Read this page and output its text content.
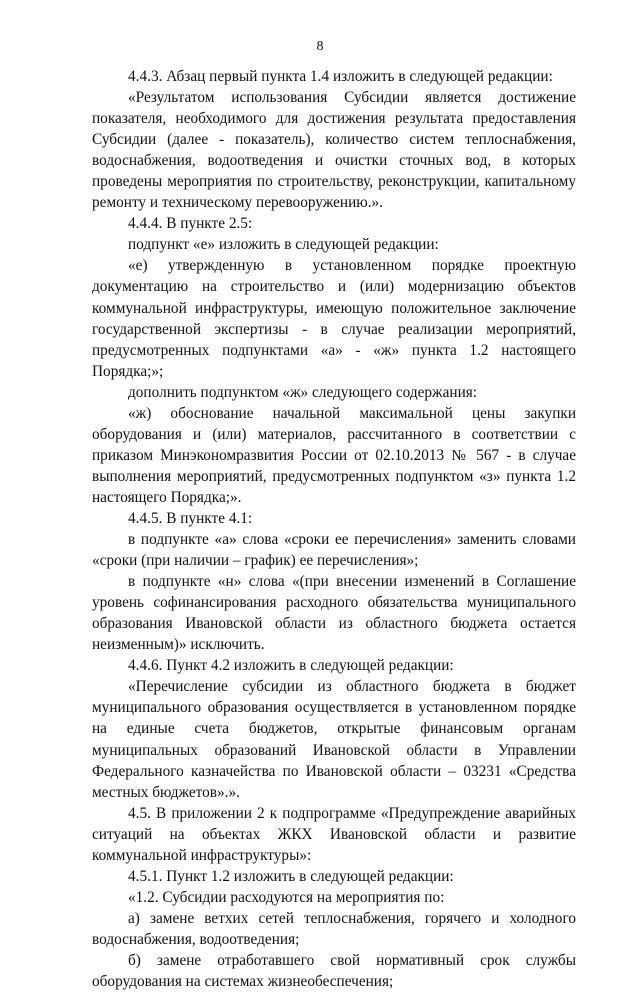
8
4.4.3. Абзац первый пункта 1.4 изложить в следующей редакции:
«Результатом использования Субсидии является достижение
показателя, необходимого для достижения результата предоставления
Субсидии (далее - показатель), количество систем теплоснабжения,
водоснабжения, водоотведения и очистки сточных вод, в которых
проведены мероприятия по строительству, реконструкции, капитальному
ремонту и техническому перевооружению.».
4.4.4. В пункте 2.5:
подпункт «е» изложить в следующей редакции:
«е) утвержденную в установленном порядке проектную
документацию на строительство и (или) модернизацию объектов
коммунальной инфраструктуры, имеющую положительное заключение
государственной экспертизы - в случае реализации мероприятий,
предусмотренных подпунктами «а» - «ж» пункта 1.2 настоящего
Порядка;»;
дополнить подпунктом «ж» следующего содержания:
«ж) обоснование начальной максимальной цены закупки
оборудования и (или) материалов, рассчитанного в соответствии с
приказом Минэкономразвития России от 02.10.2013 № 567 - в случае
выполнения мероприятий, предусмотренных подпунктом «з» пункта 1.2
настоящего Порядка;».
4.4.5. В пункте 4.1:
в подпункте «а» слова «сроки ее перечисления» заменить словами
«сроки (при наличии – график) ее перечисления»;
в подпункте «н» слова «(при внесении изменений в Соглашение
уровень софинансирования расходного обязательства муниципального
образования Ивановской области из областного бюджета остается
неизменным)» исключить.
4.4.6. Пункт 4.2 изложить в следующей редакции:
«Перечисление субсидии из областного бюджета в бюджет
муниципального образования осуществляется в установленном порядке
на единые счета бюджетов, открытые финансовым органам
муниципальных образований Ивановской области в Управлении
Федерального казначейства по Ивановской области – 03231 «Средства
местных бюджетов».».
4.5. В приложении 2 к подпрограмме «Предупреждение аварийных
ситуаций на объектах ЖКХ Ивановской области и развитие
коммунальной инфраструктуры»:
4.5.1. Пункт 1.2 изложить в следующей редакции:
«1.2. Субсидии расходуются на мероприятия по:
а) замене ветхих сетей теплоснабжения, горячего и холодного
водоснабжения, водоотведения;
б) замене отработавшего свой нормативный срок службы
оборудования на системах жизнеобеспечения;
